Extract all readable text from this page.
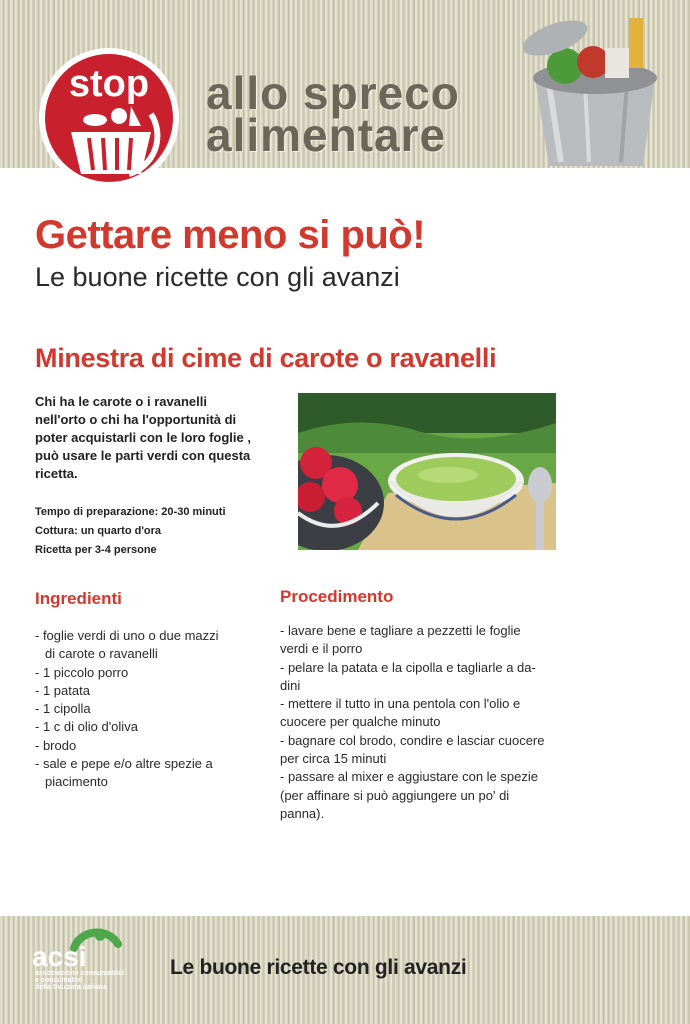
stop allo spreco
alimentare
Gettare meno si può!
Le buone ricette con gli avanzi
Minestra di cime di carote o ravanelli
Chi ha le carote o i ravanelli
nell'orto o chi ha l'opportunità di
poter acquistarli con le loro foglie ,
può usare le parti verdi con questa
ricetta.
Tempo di preparazione: 20-30 minuti
Cottura: un quarto d'ora
Ricetta per 3-4 persone
Ingredienti
- foglie verdi di uno o due mazzi
di carote o ravanelli
- 1 piccolo porro
- 1 patata
- 1 cipolla
- 1 c di olio d'oliva
- brodo
- sale e pepe e/o altre spezie a
piacimento
Procedimento
- lavare bene e tagliare a pezzetti le foglie
verdi e il porro
- pelare la patata e la cipolla e tagliarle a da-
dini
- mettere il tutto in una pentola con l'olio e
cuocere per qualche minuto
- bagnare col brodo, condire e lasciar cuocere
per circa 15 minuti
- passare al mixer e aggiustare con le spezie
(per affinare si può aggiungere un po' di
panna).
acsi
associazione consumatrici
e consumatori
della Svizzera italiana
Le buone ricette con gli avanzi
